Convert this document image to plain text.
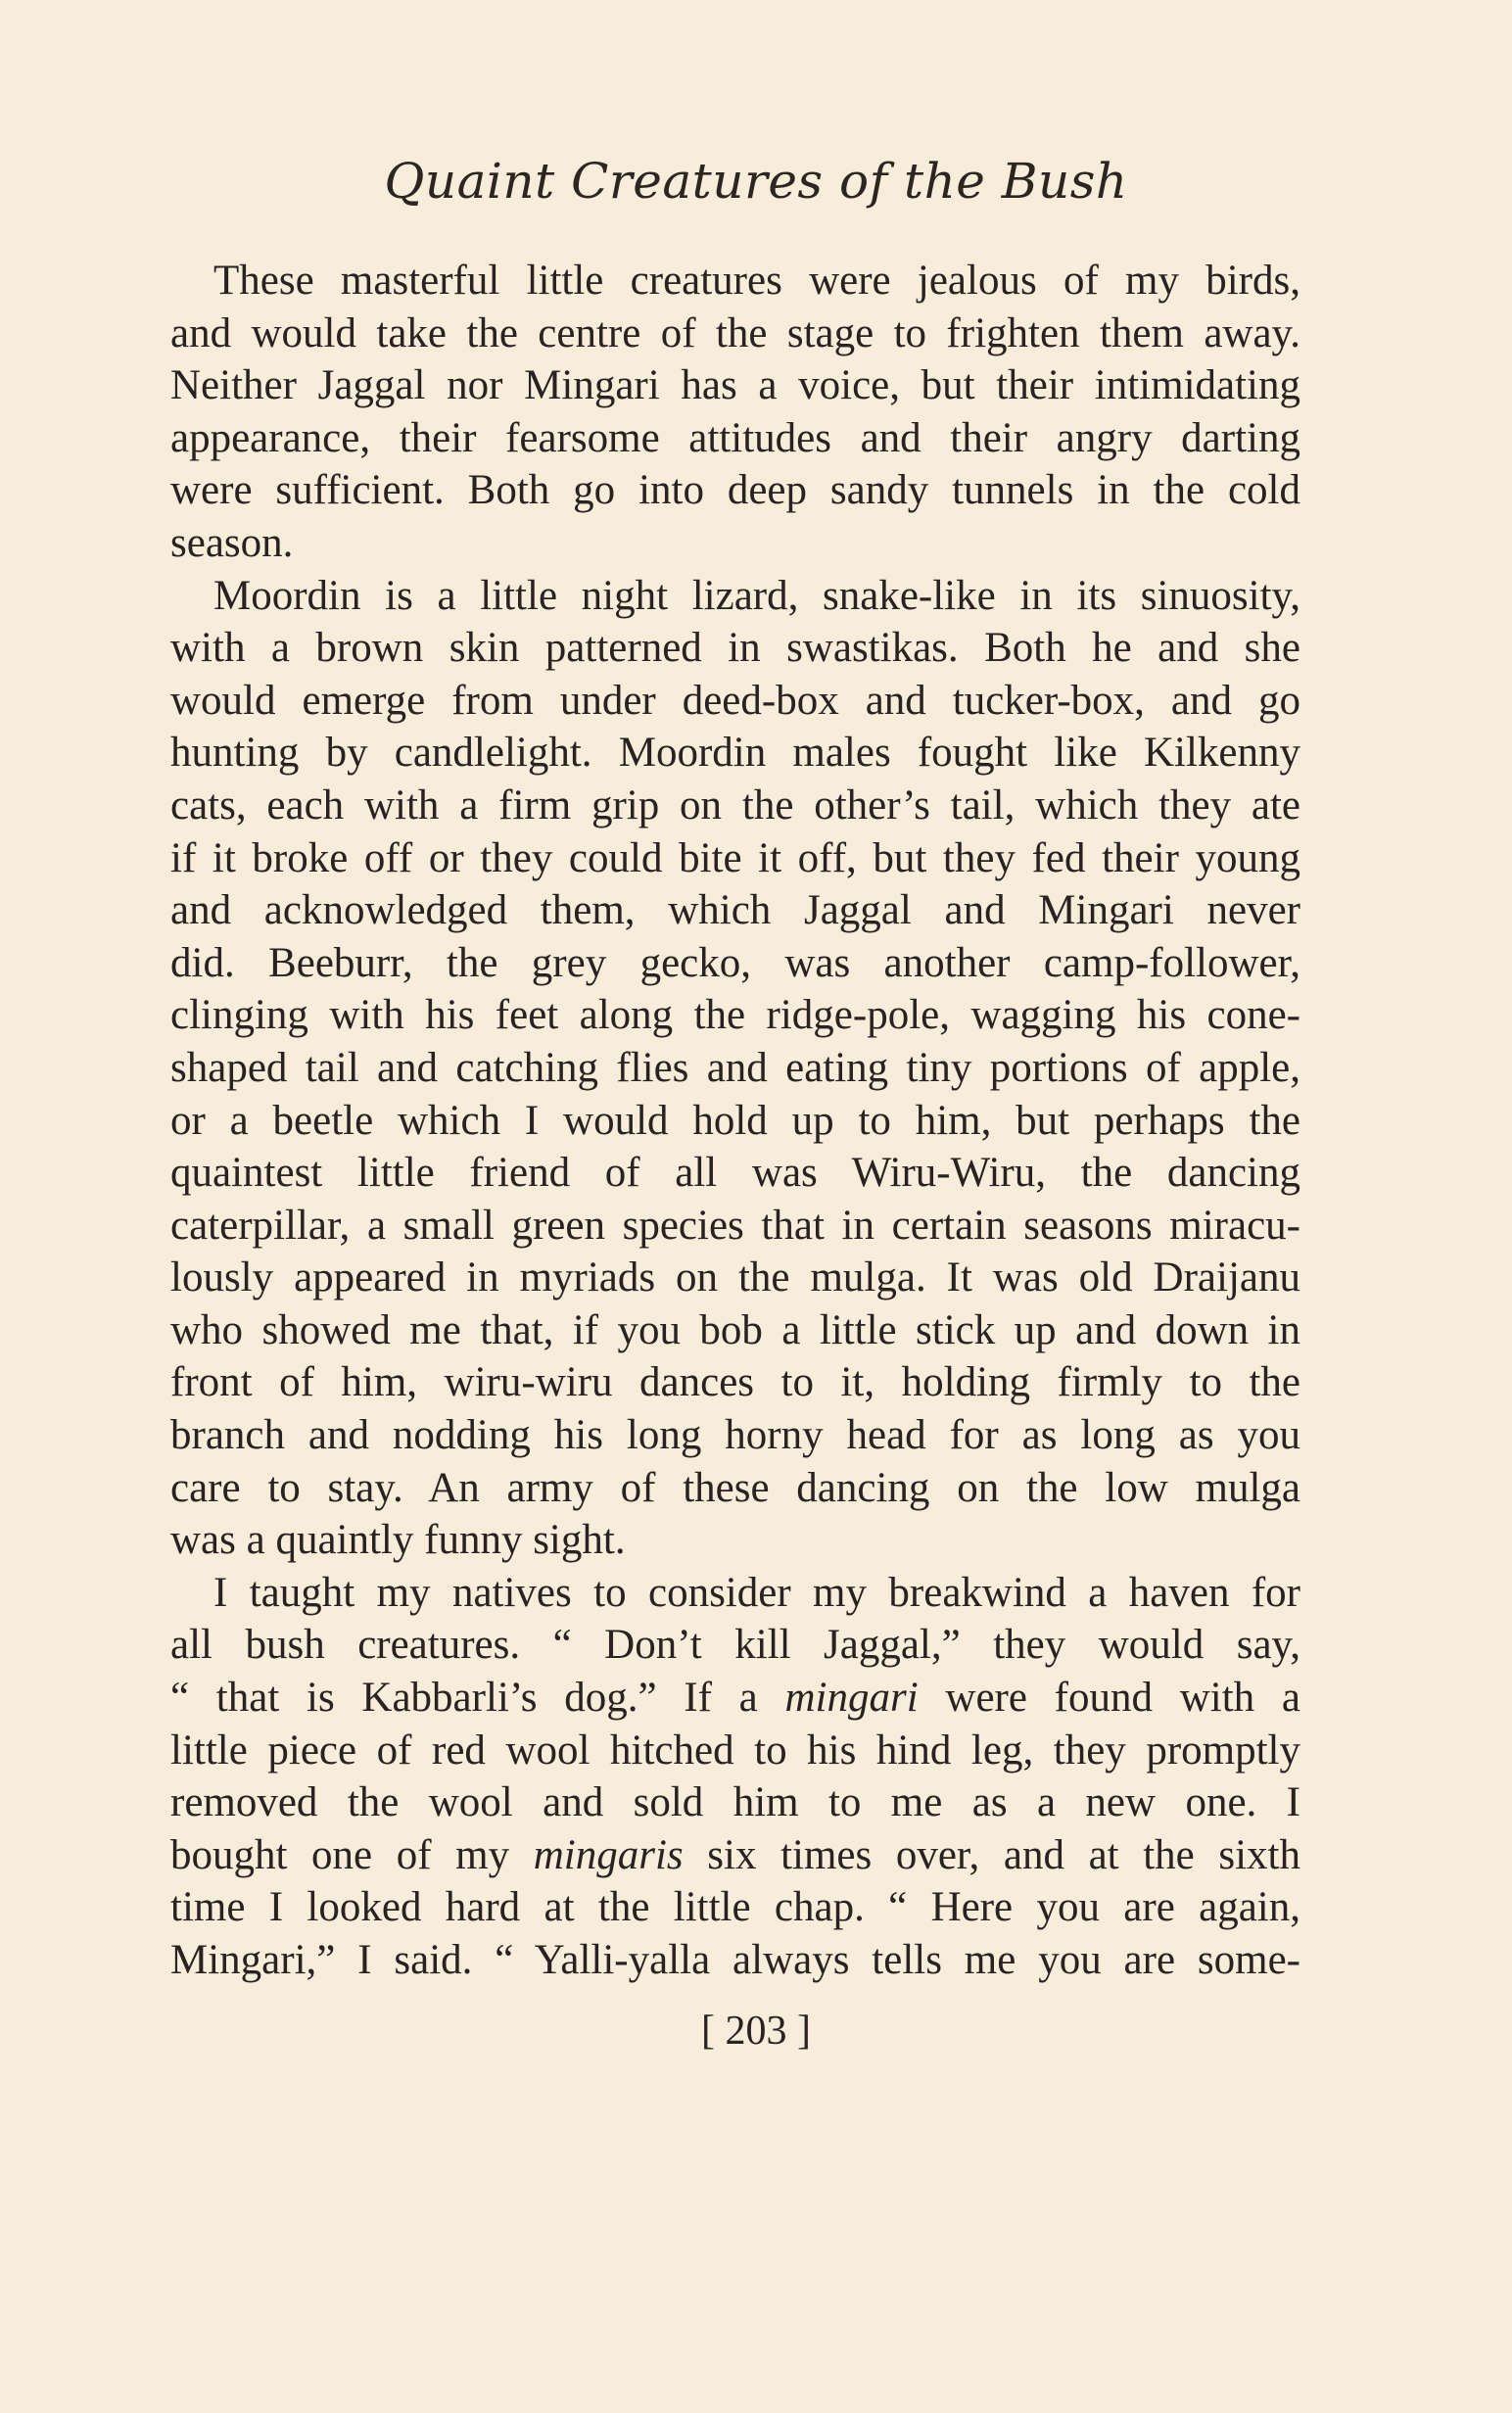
Quaint Creatures of the Bush
These masterful little creatures were jealous of my birds,
and would take the centre of the stage to frighten them away.
Neither Jaggal nor Mingari has a voice, but their intimidating
appearance, their fearsome attitudes and their angry darting
were sufficient. Both go into deep sandy tunnels in the cold
season.
Moordin is a little night lizard, snake-like in its sinuosity,
with a brown skin patterned in swastikas. Both he and she
would emerge from under deed-box and tucker-box, and go
hunting by candlelight. Moordin males fought like Kilkenny
cats, each with a firm grip on the other’s tail, which they ate
if it broke off or they could bite it off, but they fed their young
and acknowledged them, which Jaggal and Mingari never
did. Beeburr, the grey gecko, was another camp-follower,
clinging with his feet along the ridge-pole, wagging his cone-
shaped tail and catching flies and eating tiny portions of apple,
or a beetle which I would hold up to him, but perhaps the
quaintest little friend of all was Wiru-Wiru, the dancing
caterpillar, a small green species that in certain seasons miracu-
lously appeared in myriads on the mulga. It was old Draijanu
who showed me that, if you bob a little stick up and down in
front of him, wiru-wiru dances to it, holding firmly to the
branch and nodding his long horny head for as long as you
care to stay. An army of these dancing on the low mulga
was a quaintly funny sight.
I taught my natives to consider my breakwind a haven for
all bush creatures. “ Don’t kill Jaggal,” they would say,
“ that is Kabbarli’s dog.” If a mingari were found with a
little piece of red wool hitched to his hind leg, they promptly
removed the wool and sold him to me as a new one. I
bought one of my mingaris six times over, and at the sixth
time I looked hard at the little chap. “ Here you are again,
Mingari,” I said. “ Yalli-yalla always tells me you are some-
[ 203 ]
